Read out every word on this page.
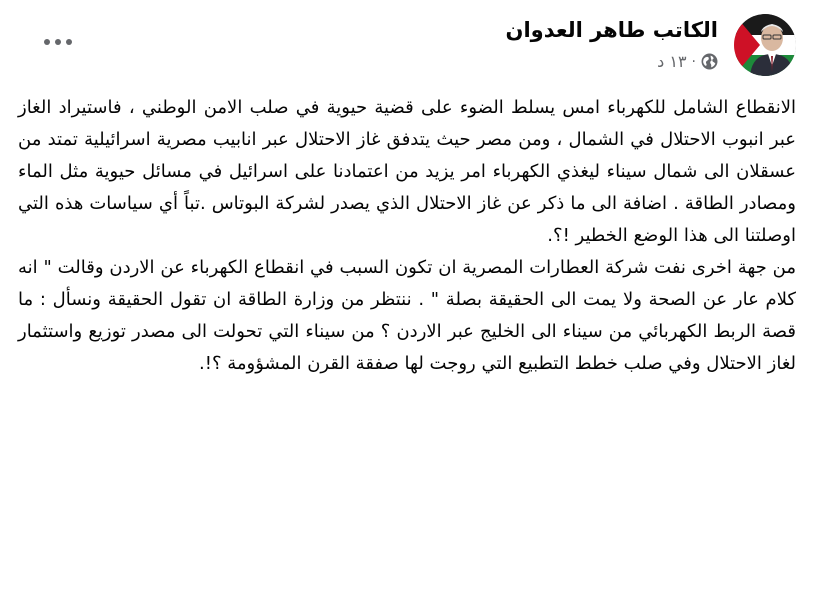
الكاتب طاهر العدوان
١٣ د ·

الانقطاع الشامل للكهرباء امس يسلط الضوء على قضية حيوية في صلب الامن الوطني ، فاستيراد الغاز عبر انبوب الاحتلال في الشمال ، ومن مصر حيث يتدفق غاز الاحتلال عبر انابيب مصرية اسرائيلية تمتد من عسقلان الى شمال سيناء ليغذي الكهرباء امر يزيد من اعتمادنا على اسرائيل في مسائل حيوية مثل الماء ومصادر الطاقة . اضافة الى ما ذكر عن غاز الاحتلال الذي يصدر لشركة البوتاس .تباً أي سياسات هذه التي اوصلتنا الى هذا الوضع الخطير !؟.

من جهة اخرى نفت شركة العطارات المصرية ان تكون السبب في انقطاع الكهرباء عن الاردن وقالت " انه كلام عار عن الصحة ولا يمت الى الحقيقة بصلة " . ننتظر من وزارة الطاقة ان تقول الحقيقة ونسأل : ما قصة الربط الكهربائي من سيناء الى الخليج عبر الاردن ؟ من سيناء التي تحولت الى مصدر توزيع واستثمار لغاز الاحتلال وفي صلب خطط التطبيع التي روجت لها صفقة القرن المشؤومة ؟!.
